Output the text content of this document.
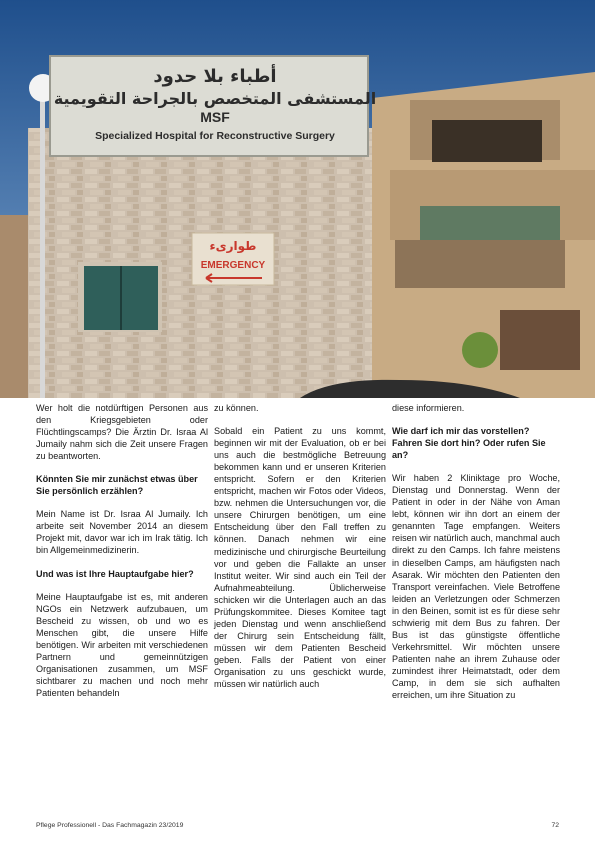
أطباء بلا حدود
المستشفى المتخصص بالجراحة التقويمية
MSF
Specialized Hospital for Reconstructive Surgery
طوارىء
EMERGENCY

Wer holt die notdürftigen Personen aus den Kriegsgebieten oder Flüchtlingscamps? Die Ärztin Dr. Israa Al Jumaily nahm sich die Zeit unsere Fragen zu beantworten.

Könnten Sie mir zunächst etwas über Sie persönlich erzählen?

Mein Name ist Dr. Israa Al Jumaily. Ich arbeite seit November 2014 an diesem Projekt mit, davor war ich im Irak tätig. Ich bin Allgemeinmedizinerin.

Und was ist Ihre Hauptaufgabe hier?

Meine Hauptaufgabe ist es, mit anderen NGOs ein Netzwerk aufzubauen, um Bescheid zu wissen, ob und wo es Menschen gibt, die unsere Hilfe benötigen. Wir arbeiten mit verschiedenen Partnern und gemeinnützigen Organisationen zusammen, um MSF sichtbarer zu machen und noch mehr Patienten behandeln

zu können.

Sobald ein Patient zu uns kommt, beginnen wir mit der Evaluation, ob er bei uns auch die bestmögliche Betreuung bekommen kann und er unseren Kriterien entspricht. Sofern er den Kriterien entspricht, machen wir Fotos oder Videos, bzw. nehmen die Untersuchungen vor, die unsere Chirurgen benötigen, um eine Entscheidung über den Fall treffen zu können. Danach nehmen wir eine medizinische und chirurgische Beurteilung vor und geben die Fallakte an unser Institut weiter. Wir sind auch ein Teil der Aufnahmeabteilung. Üblicherweise schicken wir die Unterlagen auch an das Prüfungskommitee. Dieses Komitee tagt jeden Dienstag und wenn anschließend der Chirurg sein Entscheidung fällt, müssen wir dem Patienten Bescheid geben. Falls der Patient von einer Organisation zu uns geschickt wurde, müssen wir natürlich auch

diese informieren.

Wie darf ich mir das vorstellen? Fahren Sie dort hin? Oder rufen Sie an?

Wir haben 2 Kliniktage pro Woche, Dienstag und Donnerstag. Wenn der Patient in oder in der Nähe von Aman lebt, können wir ihn dort an einem der genannten Tage empfangen. Weiters reisen wir natürlich auch, manchmal auch direkt zu den Camps. Ich fahre meistens in dieselben Camps, am häufigsten nach Asarak. Wir möchten den Patienten den Transport vereinfachen. Viele Betroffene leiden an Verletzungen oder Schmerzen in den Beinen, somit ist es für diese sehr schwierig mit dem Bus zu fahren. Der Bus ist das günstigste öffentliche Verkehrsmittel. Wir möchten unsere Patienten nahe an ihrem Zuhause oder zumindest ihrer Heimatstadt, oder dem Camp, in dem sie sich aufhalten erreichen, um ihre Situation zu

Pflege Professionell - Das Fachmagazin 23/2019	72
